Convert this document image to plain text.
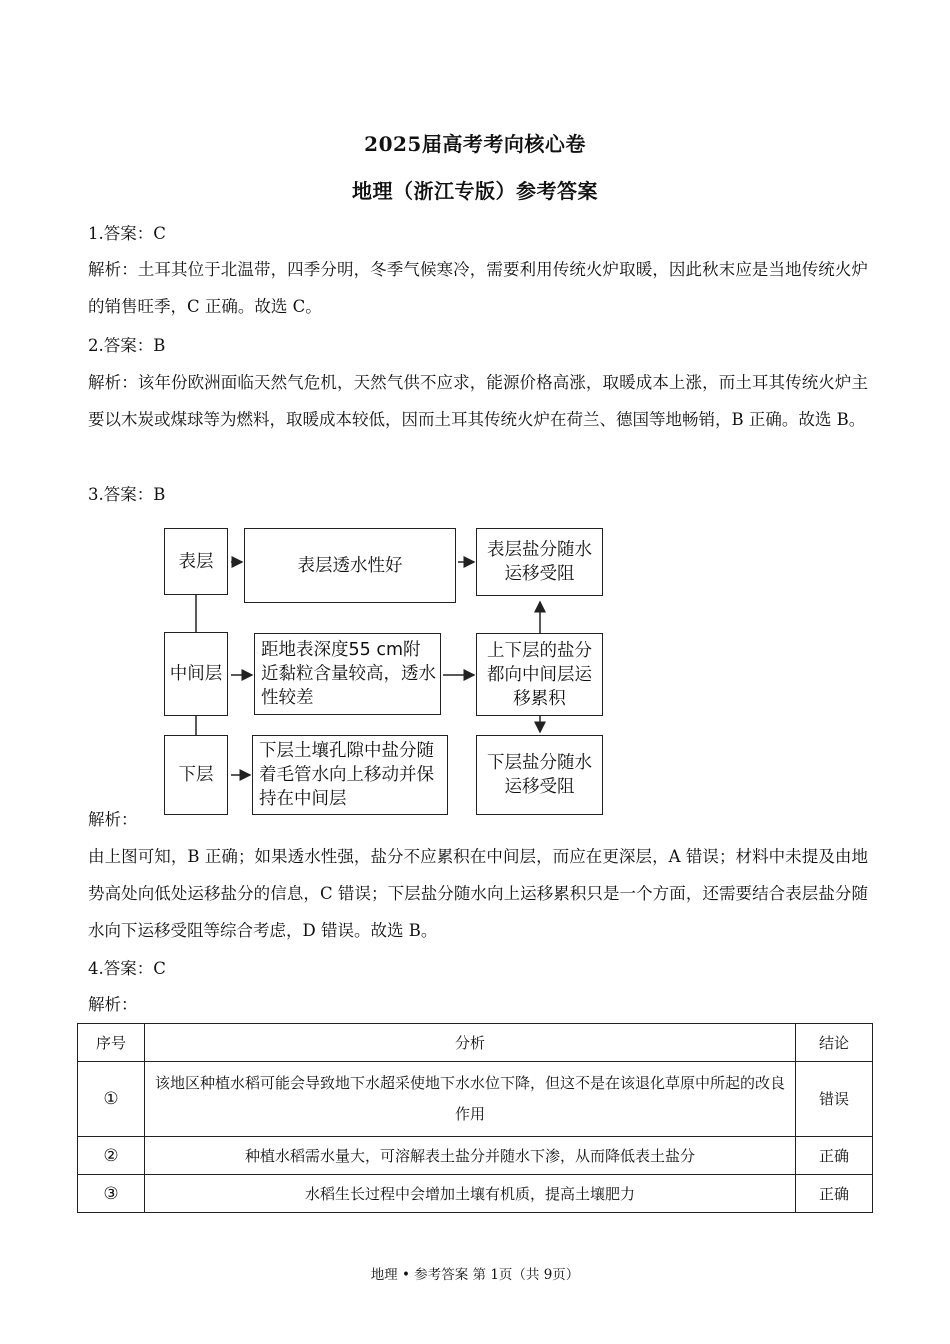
2025届高考考向核心卷
地理（浙江专版）参考答案
1.答案：C
解析：土耳其位于北温带，四季分明，冬季气候寒冷，需要利用传统火炉取暖，因此秋末应是当地传统火炉的销售旺季，C 正确。故选 C。
2.答案：B
解析：该年份欧洲面临天然气危机，天然气供不应求，能源价格高涨，取暖成本上涨，而土耳其传统火炉主要以木炭或煤球等为燃料，取暖成本较低，因而土耳其传统火炉在荷兰、德国等地畅销，B 正确。故选 B。
3.答案：B
表层
中间层
下层
表层透水性好
距地表深度55 cm附近黏粒含量较高，透水性较差
下层土壤孔隙中盐分随着毛管水向上移动并保持在中间层
表层盐分随水运移受阻
上下层的盐分都向中间层运移累积
下层盐分随水运移受阻
解析：
由上图可知，B 正确；如果透水性强，盐分不应累积在中间层，而应在更深层，A 错误；材料中未提及由地势高处向低处运移盐分的信息，C 错误；下层盐分随水向上运移累积只是一个方面，还需要结合表层盐分随水向下运移受阻等综合考虑，D 错误。故选 B。
4.答案：C
解析：
序号	分析	结论
①	该地区种植水稻可能会导致地下水超采使地下水水位下降，但这不是在该退化草原中所起的改良作用	错误
②	种植水稻需水量大，可溶解表土盐分并随水下渗，从而降低表土盐分	正确
③	水稻生长过程中会增加土壤有机质，提高土壤肥力	正确
地理 • 参考答案 第 1页（共 9页）
